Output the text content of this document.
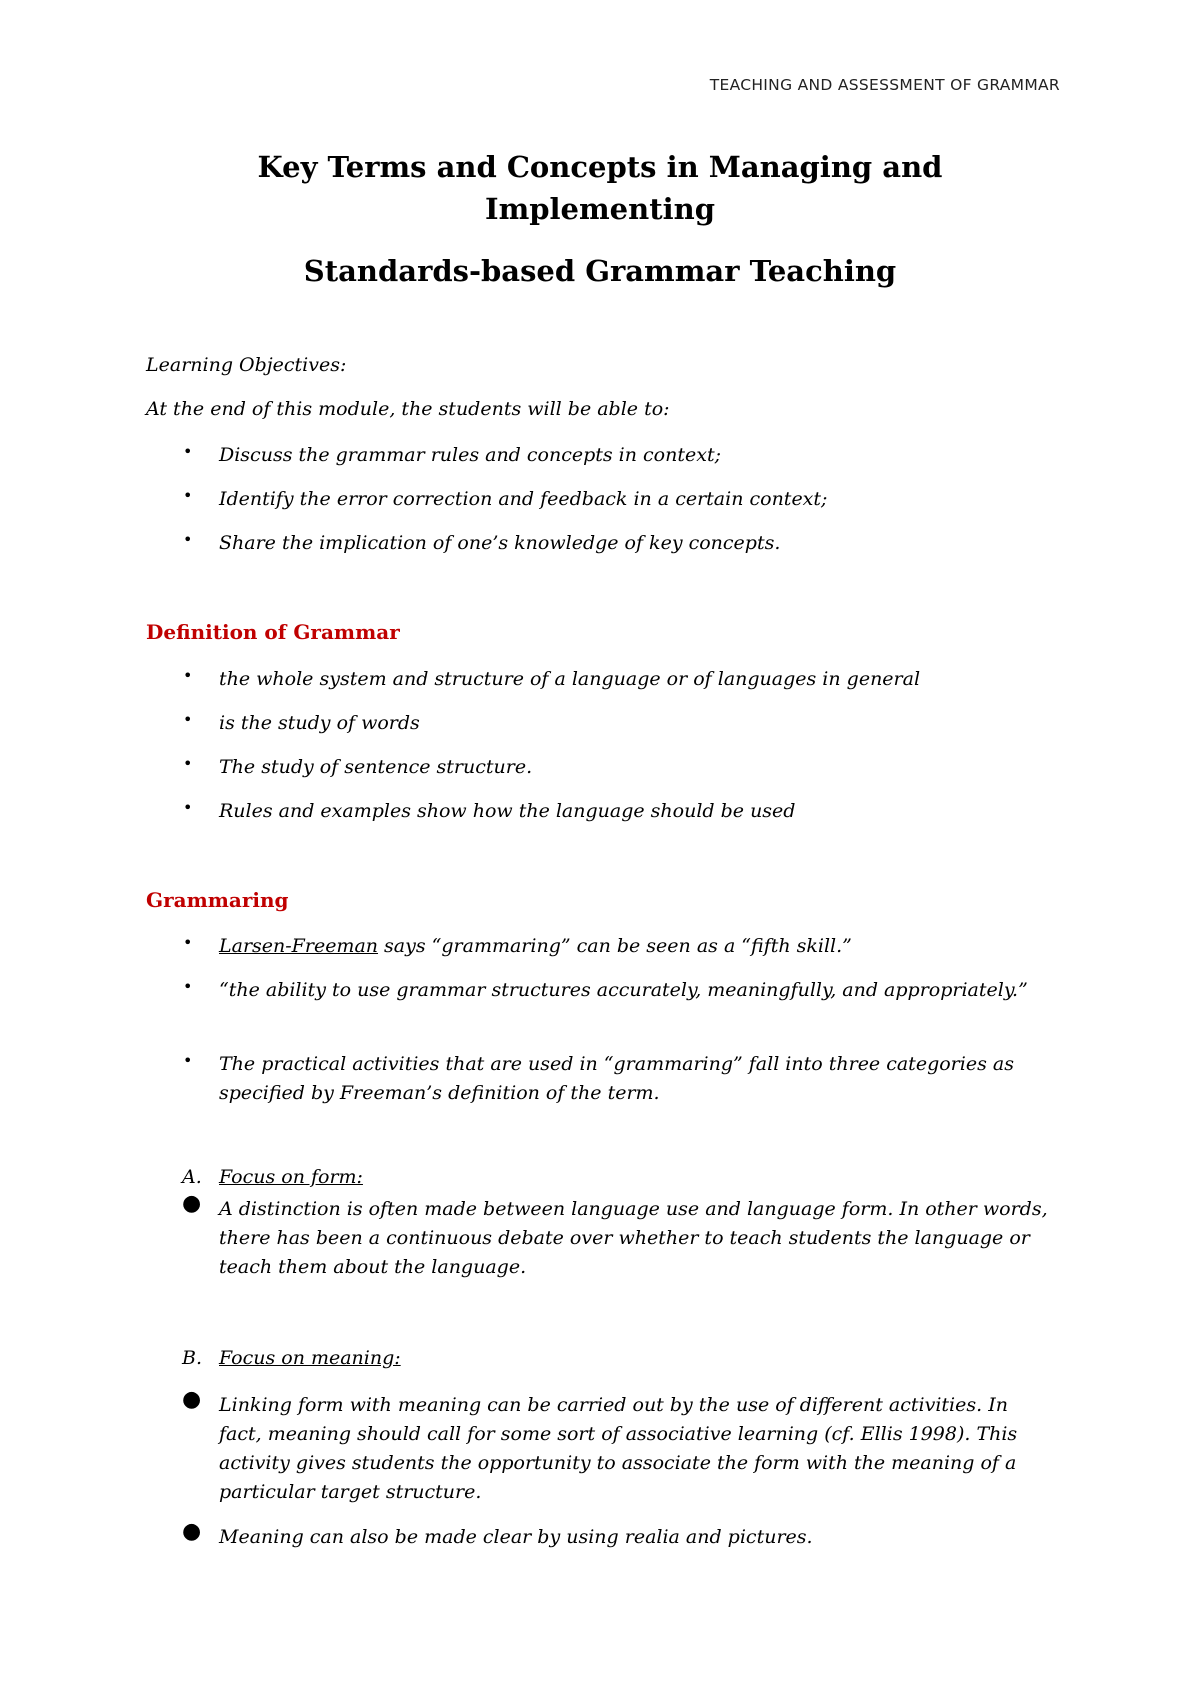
TEACHING AND ASSESSMENT OF GRAMMAR
Key Terms and Concepts in Managing and Implementing
Standards-based Grammar Teaching
Learning Objectives:
At the end of this module, the students will be able to:
• Discuss the grammar rules and concepts in context;
• Identify the error correction and feedback in a certain context;
• Share the implication of one’s knowledge of key concepts.
Definition of Grammar
• the whole system and structure of a language or of languages in general
• is the study of words
• The study of sentence structure.
• Rules and examples show how the language should be used
Grammaring
• Larsen-Freeman says “grammaring” can be seen as a “fifth skill.”
• “the ability to use grammar structures accurately, meaningfully, and appropriately.”
• The practical activities that are used in “grammaring” fall into three categories as specified by Freeman’s definition of the term.
A. Focus on form:
● A distinction is often made between language use and language form. In other words, there has been a continuous debate over whether to teach students the language or teach them about the language.
B. Focus on meaning:
● Linking form with meaning can be carried out by the use of different activities. In fact, meaning should call for some sort of associative learning (cf. Ellis 1998). This activity gives students the opportunity to associate the form with the meaning of a particular target structure.
● Meaning can also be made clear by using realia and pictures.
